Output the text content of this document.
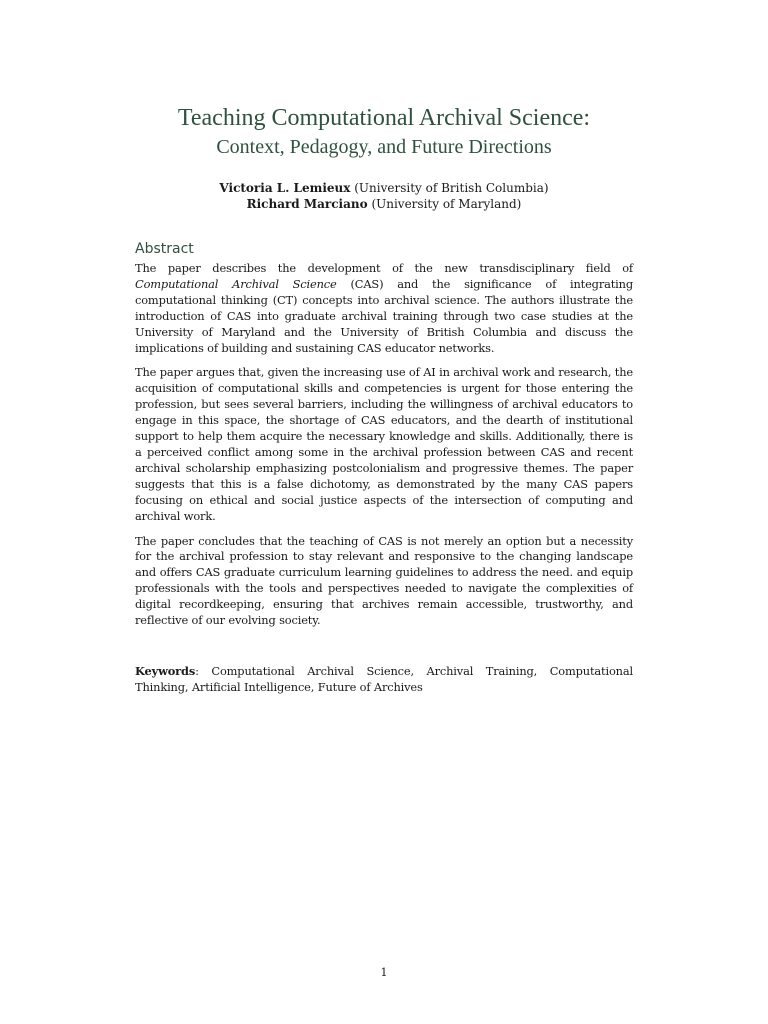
Teaching Computational Archival Science:
Context, Pedagogy, and Future Directions
Victoria L. Lemieux (University of British Columbia)
Richard Marciano (University of Maryland)
Abstract

The paper describes the development of the new transdisciplinary field of Computational Archival Science (CAS) and the significance of integrating computational thinking (CT) concepts into archival science. The authors illustrate the introduction of CAS into graduate archival training through two case studies at the University of Maryland and the University of British Columbia and discuss the implications of building and sustaining CAS educator networks.

The paper argues that, given the increasing use of AI in archival work and research, the acquisition of computational skills and competencies is urgent for those entering the profession, but sees several barriers, including the willingness of archival educators to engage in this space, the shortage of CAS educators, and the dearth of institutional support to help them acquire the necessary knowledge and skills. Additionally, there is a perceived conflict among some in the archival profession between CAS and recent archival scholarship emphasizing postcolonialism and progressive themes. The paper suggests that this is a false dichotomy, as demonstrated by the many CAS papers focusing on ethical and social justice aspects of the intersection of computing and archival work.

The paper concludes that the teaching of CAS is not merely an option but a necessity for the archival profession to stay relevant and responsive to the changing landscape and offers CAS graduate curriculum learning guidelines to address the need. and equip professionals with the tools and perspectives needed to navigate the complexities of digital recordkeeping, ensuring that archives remain accessible, trustworthy, and reflective of our evolving society.

Keywords: Computational Archival Science, Archival Training, Computational Thinking, Artificial Intelligence, Future of Archives
1
